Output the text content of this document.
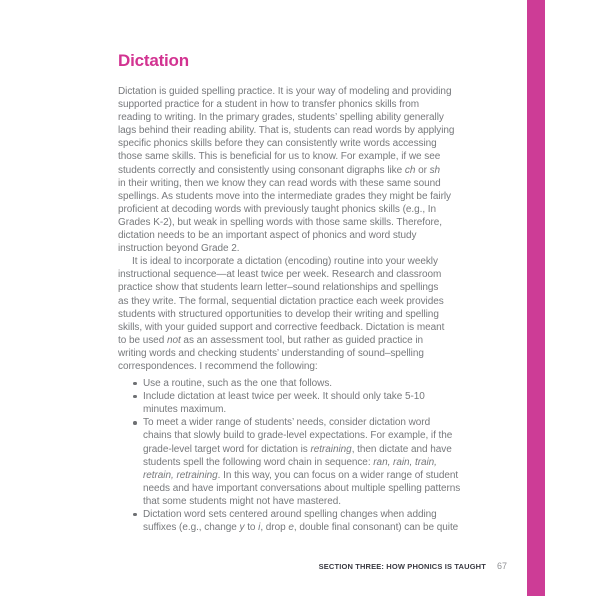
Dictation
Dictation is guided spelling practice. It is your way of modeling and providing
supported practice for a student in how to transfer phonics skills from
reading to writing. In the primary grades, students’ spelling ability generally
lags behind their reading ability. That is, students can read words by applying
specific phonics skills before they can consistently write words accessing
those same skills. This is beneficial for us to know. For example, if we see
students correctly and consistently using consonant digraphs like ch or sh
in their writing, then we know they can read words with these same sound
spellings. As students move into the intermediate grades they might be fairly
proficient at decoding words with previously taught phonics skills (e.g., In
Grades K-2), but weak in spelling words with those same skills. Therefore,
dictation needs to be an important aspect of phonics and word study
instruction beyond Grade 2.
It is ideal to incorporate a dictation (encoding) routine into your weekly
instructional sequence—at least twice per week. Research and classroom
practice show that students learn letter–sound relationships and spellings
as they write. The formal, sequential dictation practice each week provides
students with structured opportunities to develop their writing and spelling
skills, with your guided support and corrective feedback. Dictation is meant
to be used not as an assessment tool, but rather as guided practice in
writing words and checking students’ understanding of sound–spelling
correspondences. I recommend the following:
Use a routine, such as the one that follows.
Include dictation at least twice per week. It should only take 5-10
minutes maximum.
To meet a wider range of students’ needs, consider dictation word
chains that slowly build to grade-level expectations. For example, if the
grade-level target word for dictation is retraining, then dictate and have
students spell the following word chain in sequence: ran, rain, train,
retrain, retraining. In this way, you can focus on a wider range of student
needs and have important conversations about multiple spelling patterns
that some students might not have mastered.
Dictation word sets centered around spelling changes when adding
suffixes (e.g., change y to i, drop e, double final consonant) can be quite
SECTION THREE: HOW PHONICS IS TAUGHT 67
